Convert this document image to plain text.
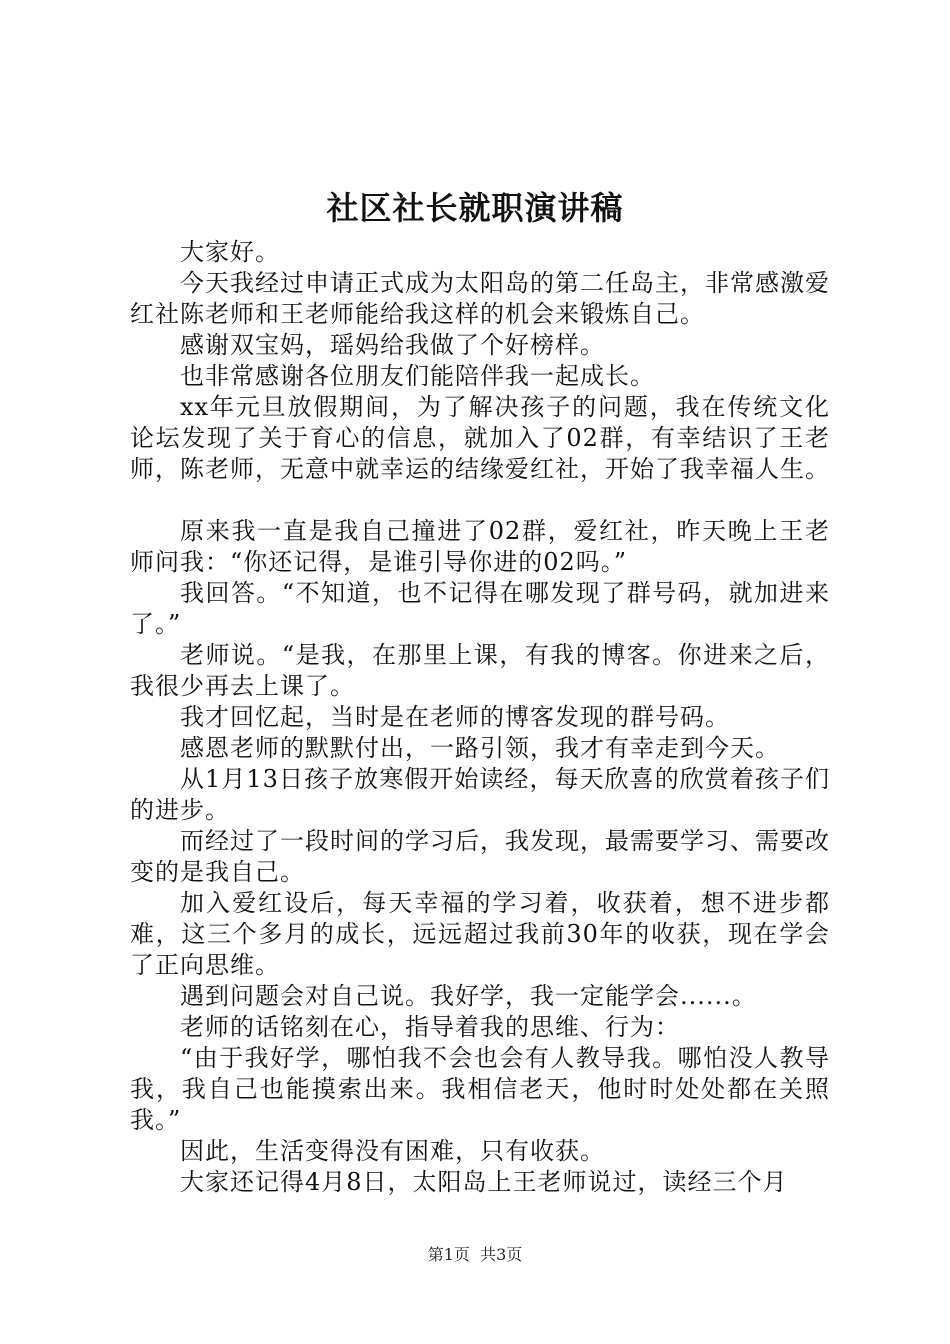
社区社长就职演讲稿

大家好。

今天我经过申请正式成为太阳岛的第二任岛主，非常感激爱红社陈老师和王老师能给我这样的机会来锻炼自己。

感谢双宝妈，瑶妈给我做了个好榜样。

也非常感谢各位朋友们能陪伴我一起成长。

xx年元旦放假期间，为了解决孩子的问题，我在传统文化论坛发现了关于育心的信息，就加入了02群，有幸结识了王老师，陈老师，无意中就幸运的结缘爱红社，开始了我幸福人生。

原来我一直是我自己撞进了02群，爱红社，昨天晚上王老师问我：“你还记得，是谁引导你进的02吗。”

我回答。“不知道，也不记得在哪发现了群号码，就加进来了。”

老师说。“是我，在那里上课，有我的博客。你进来之后，我很少再去上课了。

我才回忆起，当时是在老师的博客发现的群号码。

感恩老师的默默付出，一路引领，我才有幸走到今天。

从1月13日孩子放寒假开始读经，每天欣喜的欣赏着孩子们的进步。

而经过了一段时间的学习后，我发现，最需要学习、需要改变的是我自己。

加入爱红设后，每天幸福的学习着，收获着，想不进步都难，这三个多月的成长，远远超过我前30年的收获，现在学会了正向思维。

遇到问题会对自己说。我好学，我一定能学会......。

老师的话铭刻在心，指导着我的思维、行为：

“由于我好学，哪怕我不会也会有人教导我。哪怕没人教导我，我自己也能摸索出来。我相信老天，他时时处处都在关照我。”

因此，生活变得没有困难，只有收获。

大家还记得4月8日，太阳岛上王老师说过，读经三个月

第1页 共3页
